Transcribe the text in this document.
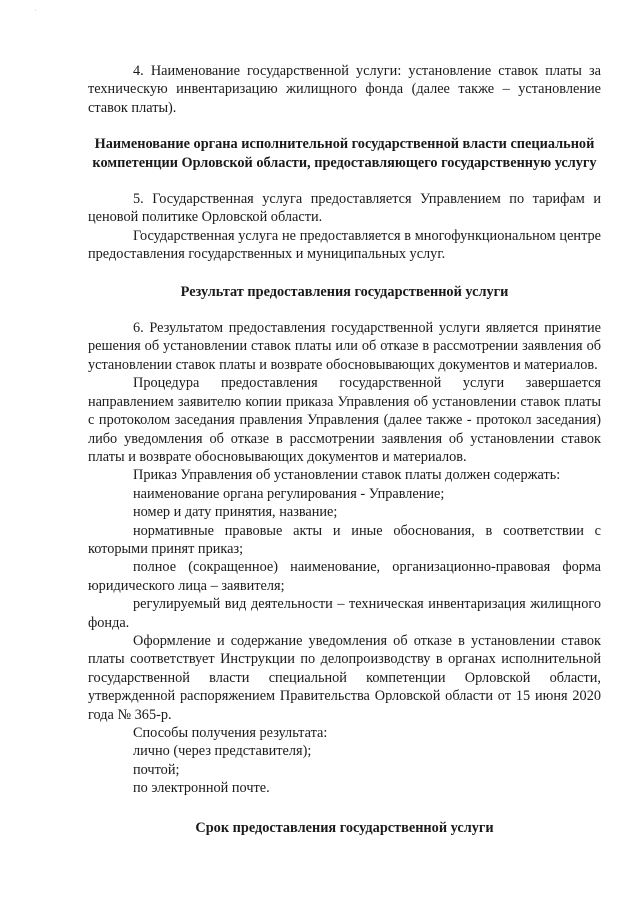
·

4. Наименование государственной услуги: установление ставок платы за техническую инвентаризацию жилищного фонда (далее также – установление ставок платы).

Наименование органа исполнительной государственной власти специальной компетенции Орловской области, предоставляющего государственную услугу

5. Государственная услуга предоставляется Управлением по тарифам и ценовой политике Орловской области.

Государственная услуга не предоставляется в многофункциональном центре предоставления государственных и муниципальных услуг.

Результат предоставления государственной услуги

6. Результатом предоставления государственной услуги является принятие решения об установлении ставок платы или об отказе в рассмотрении заявления об установлении ставок платы и возврате обосновывающих документов и материалов.

Процедура предоставления государственной услуги завершается направлением заявителю копии приказа Управления об установлении ставок платы с протоколом заседания правления Управления (далее также - протокол заседания) либо уведомления об отказе в рассмотрении заявления об установлении ставок платы и возврате обосновывающих документов и материалов.

Приказ Управления об установлении ставок платы должен содержать:

наименование органа регулирования - Управление;

номер и дату принятия, название;

нормативные правовые акты и иные обоснования, в соответствии с которыми принят приказ;

полное (сокращенное) наименование, организационно-правовая форма юридического лица – заявителя;

регулируемый вид деятельности – техническая инвентаризация жилищного фонда.

Оформление и содержание уведомления об отказе в установлении ставок платы соответствует Инструкции по делопроизводству в органах исполнительной государственной власти специальной компетенции Орловской области, утвержденной распоряжением Правительства Орловской области от 15 июня 2020 года № 365-р.

Способы получения результата:

лично (через представителя);

почтой;

по электронной почте.

Срок предоставления государственной услуги
